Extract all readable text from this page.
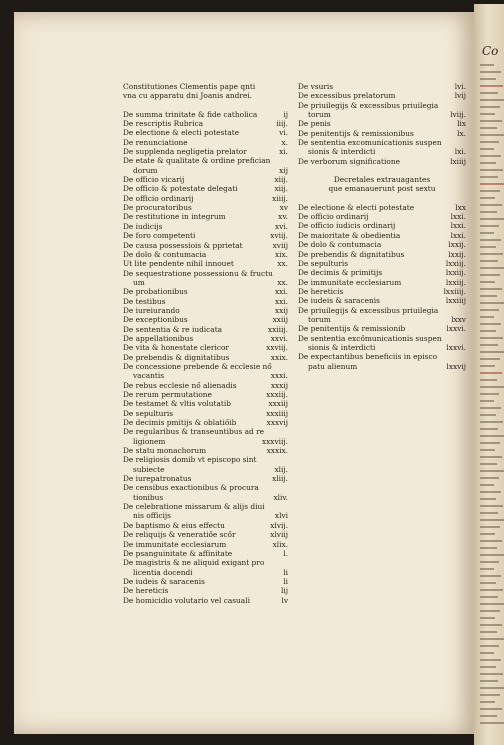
Co
Constitutiones Clementis pape qnti
vna cu apparatu dni Joanis andrei.
De summa trinitate & fide catholica	ij
De rescriptis Rubrica	iiij.
De electione & electi potestate	vi.
De renunciatione	x.
De supplenda negligetia prelator	xi.
De etate & qualitate & ordine prefician
dorum	xij
De officio vicarij	xiij.
De officio & potestate delegati	xiij.
De officio ordinarij	xiiij.
De procuratoribus	xv
De restitutione in integrum	xv.
De iudicijs	xvi.
De foro competenti	xviij.
De causa possessiois & pprietat	xviij
De dolo & contumacia	xix.
Ut lite pendente nihil innouet	xx.
De sequestratione possessionu & fructu
um	xx.
De probationibus	xxi.
De testibus	xxi.
De iureiurando	xxij
De exceptionibus	xxiij
De sententia & re iudicata	xxiiij.
De appellationibus	xxvi.
De vita & honestate clericor	xxviij.
De prebendis & dignitatibus	xxix.
De concessione prebende & ecclesie nő
vacantis	xxxi.
De rebus ecclesie nő alienadis	xxxij
De rerum permutatione	xxxiij.
De testamet & vltis volutatib	xxxiij
De sepulturis	xxxiiij
De decimis pmitijs & oblatiőib	xxxvij
De regularibus & transeuntibus ad re
ligionem	xxxviij.
De statu monachorum	xxxix.
De religiosis domib vt episcopo sint
subiecte	xlij.
De iurepatronatus	xliij.
De censibus exactionibus & procura
tionibus	xliv.
De celebratione missarum & alijs diui
nis officijs	xlvi
De baptismo & eius effectu	xlvij.
De reliquijs & veneratiőe scőr	xlviij
De immunitate ecclesiarum	xlix.
De psanguinitate & affinitate	l.
De magistris & ne aliquid exigant pro
licentia docendi	li
De iudeis & saracenis	li
De hereticis	lij
De homicidio volutario vel casuali	lv
De vsuris	lvi.
De excessibus prelatorum	lvij
De priuilegijs & excessibus priuilegia
torum	lviij.
De penis	lix
De penitentijs & remissionibus	lx.
De sententia excomunicationis suspen
sionis & interdicti	lxi.
De verborum significatione	lxiiij
Decretales extrauagantes
que emanauerunt post sextu
De electione & electi potestate	lxx
De officio ordinarij	lxxi.
De officio iudicis ordinarij	lxxi.
De maioritate & obedientia	lxxi.
De dolo & contumacia	lxxij.
De prebendis & dignitatibus	lxxij.
De sepulturis	lxxiij.
De decimis & primitijs	lxxiij.
De immunitate ecclesiarum	lxxiij.
De hereticis	lxxiiij.
De iudeis & saracenis	lxxiiij
De priuilegijs & excessibus priuilegia
torum	lxxv
De penitentijs & remissionib	lxxvi.
De sententia excőmunicationis suspen
sionis & interdicti	lxxvi.
De expectantibus beneficiis in episco
patu alienum	lxxvij
